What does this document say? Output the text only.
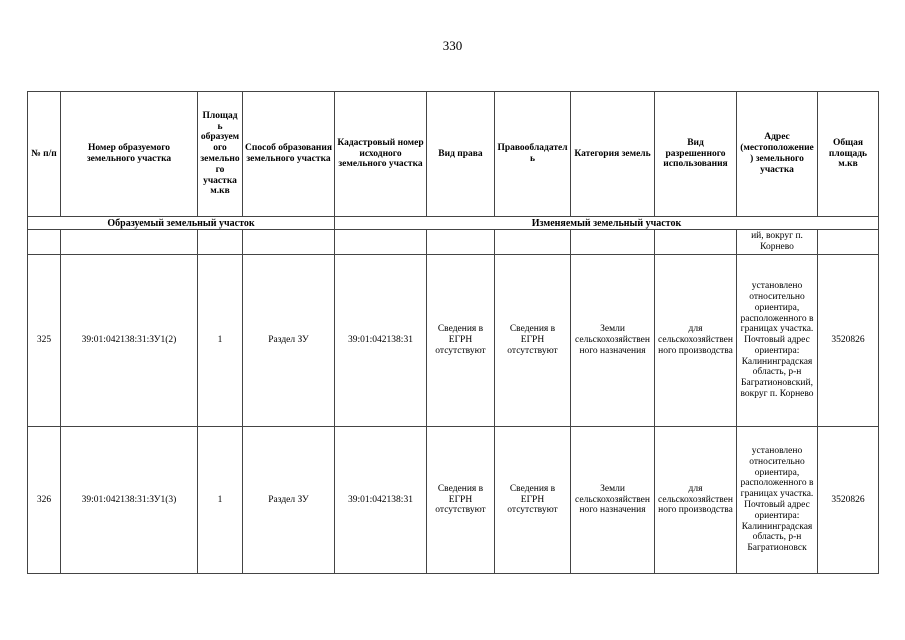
330
№ п/п	Номер образуемого земельного участка	Площадь образуемого земельного участка м.кв	Способ образования земельного участка	Кадастровый номер исходного земельного участка	Вид права	Правообладатель	Категория земель	Вид разрешенного использования	Адрес (местоположение) земельного участка	Общая площадь м.кв
Образуемый земельный участок				Изменяемый земельный участок						
									ий, вокруг п. Корнево	
325	39:01:042138:31:ЗУ1(2)	1	Раздел ЗУ	39:01:042138:31	Сведения в ЕГРН отсутствуют	Сведения в ЕГРН отсутствуют	Земли сельскохозяйственного назначения	для сельскохозяйственного производства	установлено относительно ориентира, расположенного в границах участка. Почтовый адрес ориентира: Калининградская область, р-н Багратионовский, вокруг п. Корнево	3520826
326	39:01:042138:31:ЗУ1(3)	1	Раздел ЗУ	39:01:042138:31	Сведения в ЕГРН отсутствуют	Сведения в ЕГРН отсутствуют	Земли сельскохозяйственного назначения	для сельскохозяйственного производства	установлено относительно ориентира, расположенного в границах участка. Почтовый адрес ориентира: Калининградская область, р-н Багратионовск	3520826
